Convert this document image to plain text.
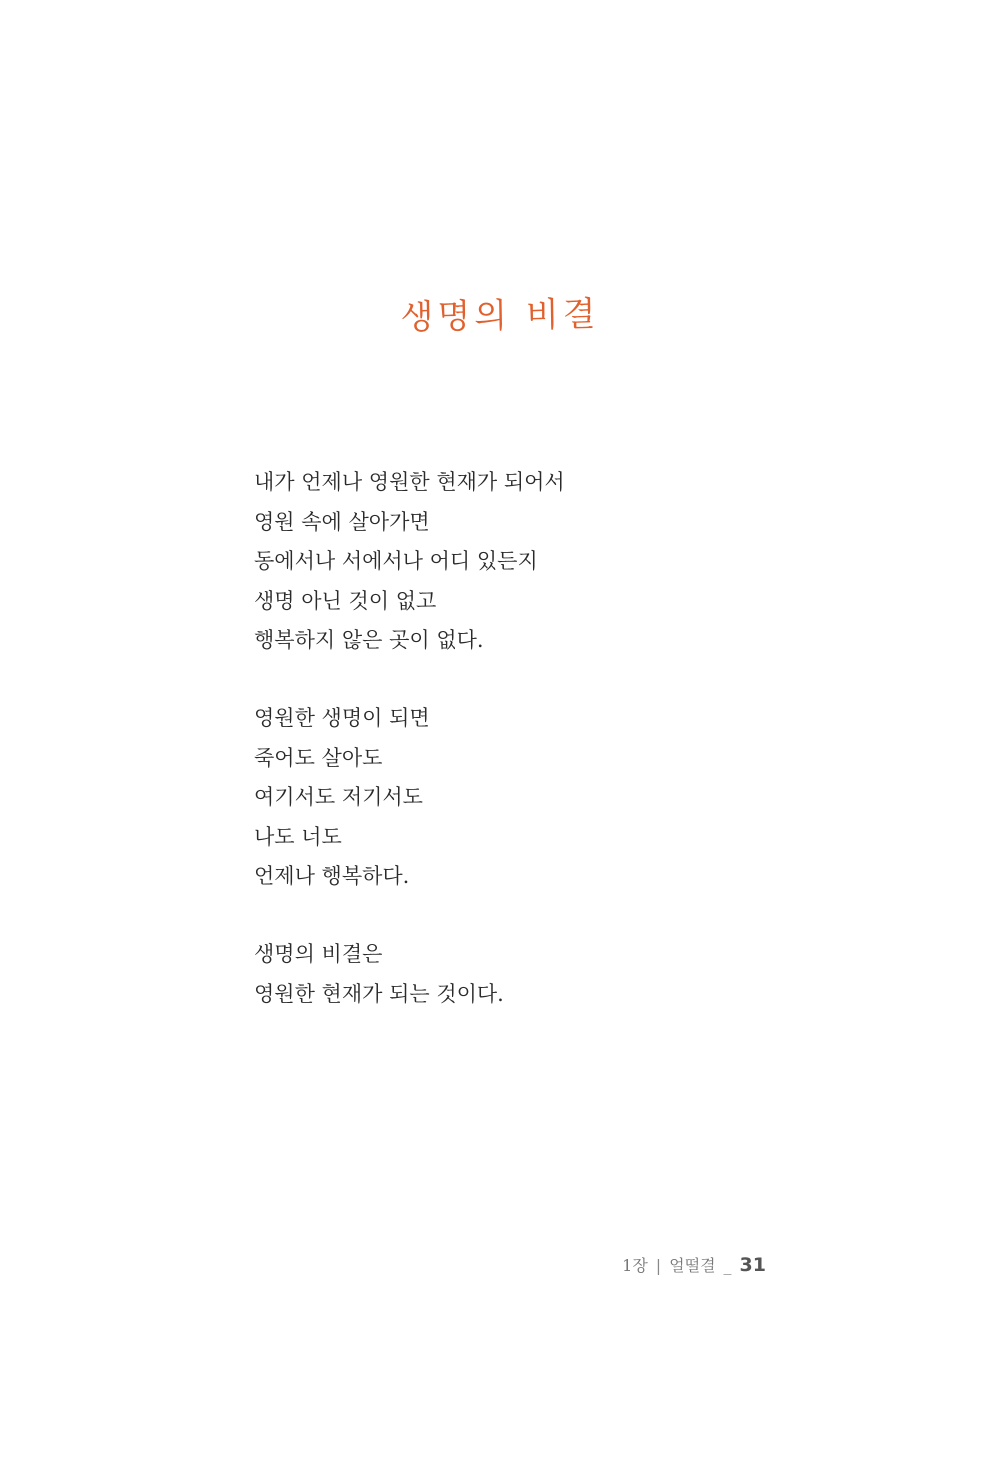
생명의 비결
내가 언제나 영원한 현재가 되어서
영원 속에 살아가면
동에서나 서에서나 어디 있든지
생명 아닌 것이 없고
행복하지 않은 곳이 없다.
영원한 생명이 되면
죽어도 살아도
여기서도 저기서도
나도 너도
언제나 행복하다.
생명의 비결은
영원한 현재가 되는 것이다.
1장 | 얼떨결 _ 31
